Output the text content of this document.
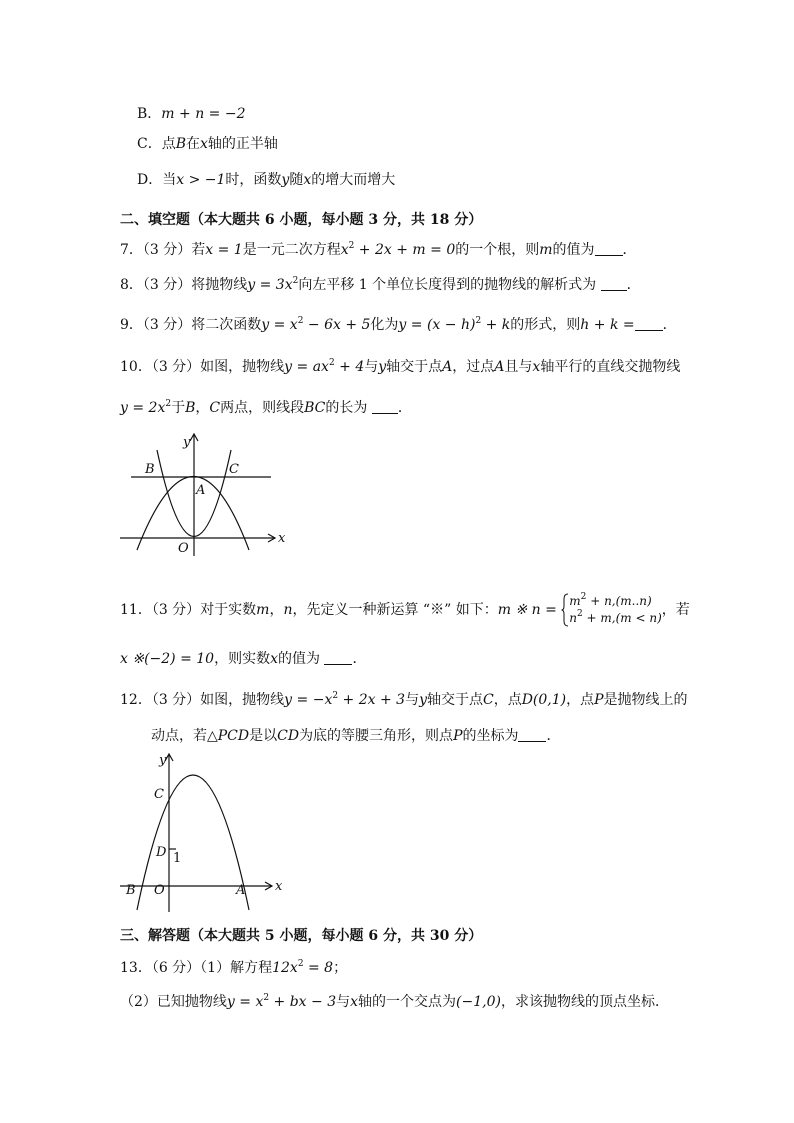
B．m + n = −2
C．点B在x轴的正半轴
D．当x > −1时，函数y随x的增大而增大
二、填空题（本大题共 6 小题，每小题 3 分，共 18 分）
7．（3 分）若x = 1是一元二次方程$x^2 + 2x + m = 0$的一个根，则m的值为 ．
8．（3 分）将抛物线$y = 3x^2$向左平移 1 个单位长度得到的抛物线的解析式为 ．
9．（3 分）将二次函数$y = x^2 - 6x + 5$化为$y = (x - h)^2 + k$的形式，则h + k = ．
10．（3 分）如图，抛物线$y = ax^2 + 4$与y轴交于点A，过点A且与x轴平行的直线交抛物线
$y = 2x^2$于B，C两点，则线段BC的长为 ．
y
x
B	C
A
O
11．（3 分）对于实数m，n，先定义一种新运算 “※” 如下：m ※ $n = m^2 + n,(m..n)$
$n^2 + m,(m < n)$，若
x ※(−2) = 10，则实数x的值为 ．
12．（3 分）如图，抛物线$y = -x^2 + 2x + 3$与y轴交于点C，点D(0,1)，点P是抛物线上的
动点，若△PCD是以CD为底的等腰三角形，则点P的坐标为 ．
y
x
C
D 1
B O	A
三、解答题（本大题共 5 小题，每小题 6 分，共 30 分）
13．（6 分）（1）解方程$12x^2 = 8$；
（2）已知抛物线$y = x^2$ + bx − 3与x轴的一个交点为(−1,0)，求该抛物线的顶点坐标．
